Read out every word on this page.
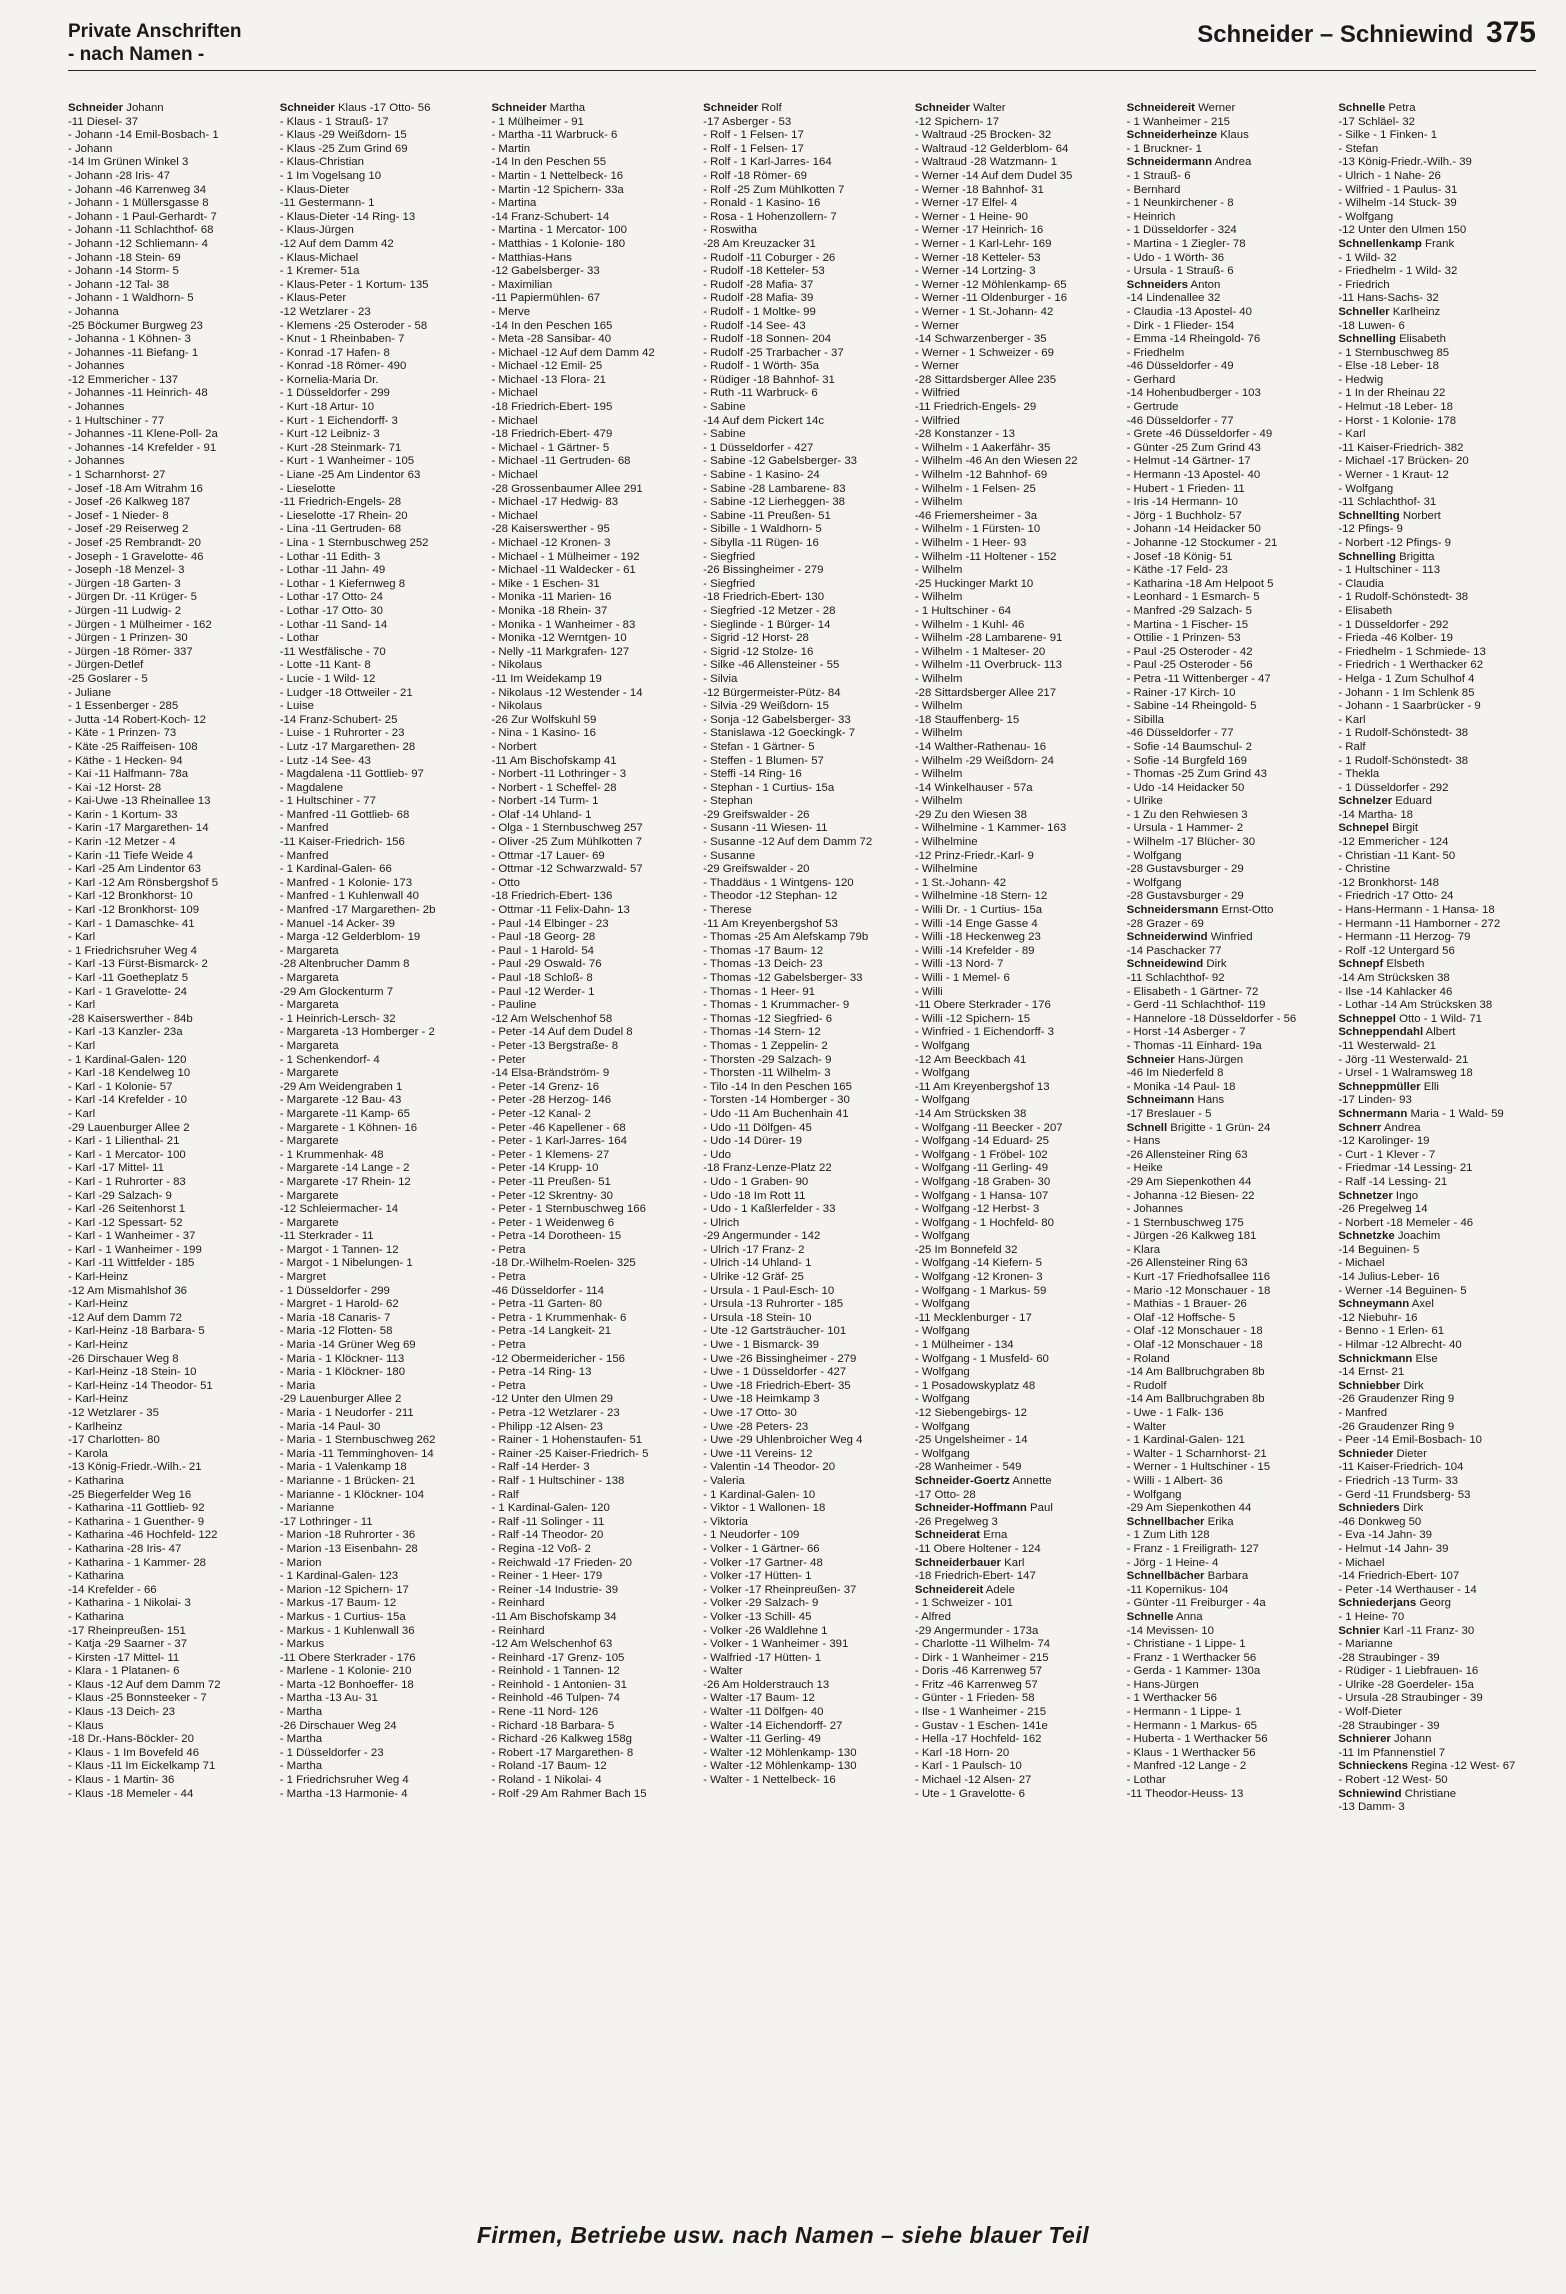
Private Anschriften
- nach Namen -
Schneider – Schniewind 375
Schneider Johann
-11 Diesel- 37
- Johann -14 Emil-Bosbach- 1
- Johann
-14 Im Grünen Winkel 3
- Johann -28 Iris- 47
- Johann -46 Karrenweg 34
- Johann - 1 Müllersgasse 8
- Johann - 1 Paul-Gerhardt- 7
- Johann -11 Schlachthof- 68
- Johann -12 Schliemann- 4
- Johann -18 Stein- 69
- Johann -14 Storm- 5
- Johann -12 Tal- 38
- Johann - 1 Waldhorn- 5
- Johanna
-25 Böckumer Burgweg 23
- Johanna - 1 Köhnen- 3
- Johannes -11 Biefang- 1
- Johannes
-12 Emmericher - 137
- Johannes -11 Heinrich- 48
- Johannes
- 1 Hultschiner - 77
- Johannes -11 Klene-Poll- 2a
- Johannes -14 Krefelder - 91
- Johannes
- 1 Scharnhorst- 27
- Josef -18 Am Witrahm 16
- Josef -26 Kalkweg 187
- Josef - 1 Nieder- 8
- Josef -29 Reiserweg 2
- Josef -25 Rembrandt- 20
- Joseph - 1 Gravelotte- 46
- Joseph -18 Menzel- 3
- Jürgen -18 Garten- 3
- Jürgen Dr. -11 Krüger- 5
- Jürgen -11 Ludwig- 2
- Jürgen - 1 Mülheimer - 162
- Jürgen - 1 Prinzen- 30
- Jürgen -18 Römer- 337
- Jürgen-Detlef
-25 Goslarer - 5
- Juliane
- 1 Essenberger - 285
- Jutta -14 Robert-Koch- 12
- Käte - 1 Prinzen- 73
- Käte -25 Raiffeisen- 108
- Käthe - 1 Hecken- 94
- Kai -11 Halfmann- 78a
- Kai -12 Horst- 28
- Kai-Uwe -13 Rheinallee 13
- Karin - 1 Kortum- 33
- Karin -17 Margarethen- 14
- Karin -12 Metzer - 4
- Karin -11 Tiefe Weide 4
- Karl -25 Am Lindentor 63
- Karl -12 Am Rönsbergshof 5
- Karl -12 Bronkhorst- 10
- Karl -12 Bronkhorst- 109
- Karl - 1 Damaschke- 41
- Karl
- 1 Friedrichsruher Weg 4
- Karl -13 Fürst-Bismarck- 2
- Karl -11 Goetheplatz 5
- Karl - 1 Gravelotte- 24
- Karl
-28 Kaiserswerther - 84b
- Karl -13 Kanzler- 23a
- Karl
- 1 Kardinal-Galen- 120
- Karl -18 Kendelweg 10
- Karl - 1 Kolonie- 57
- Karl -14 Krefelder - 10
- Karl
-29 Lauenburger Allee 2
- Karl - 1 Lilienthal- 21
- Karl - 1 Mercator- 100
- Karl -17 Mittel- 11
- Karl - 1 Ruhrorter - 83
- Karl -29 Salzach- 9
- Karl -26 Seitenhorst 1
- Karl -12 Spessart- 52
- Karl - 1 Wanheimer - 37
- Karl - 1 Wanheimer - 199
- Karl -11 Wittfelder - 185
- Karl-Heinz
-12 Am Mismahlshof 36
- Karl-Heinz
-12 Auf dem Damm 72
- Karl-Heinz -18 Barbara- 5
- Karl-Heinz
-26 Dirschauer Weg 8
- Karl-Heinz -18 Stein- 10
- Karl-Heinz -14 Theodor- 51
- Karl-Heinz
-12 Wetzlarer - 35
- Karlheinz
-17 Charlotten- 80
- Karola
-13 König-Friedr.-Wilh.- 21
- Katharina
-25 Biegerfelder Weg 16
- Katharina -11 Gottlieb- 92
- Katharina - 1 Guenther- 9
- Katharina -46 Hochfeld- 122
- Katharina -28 Iris- 47
- Katharina - 1 Kammer- 28
- Katharina
-14 Krefelder - 66
- Katharina - 1 Nikolai- 3
- Katharina
-17 Rheinpreußen- 151
- Katja -29 Saarner - 37
- Kirsten -17 Mittel- 11
- Klara - 1 Platanen- 6
- Klaus -12 Auf dem Damm 72
- Klaus -25 Bonnsteeker - 7
- Klaus -13 Deich- 23
- Klaus
-18 Dr.-Hans-Böckler- 20
- Klaus - 1 Im Bovefeld 46
- Klaus -11 Im Eickelkamp 71
- Klaus - 1 Martin- 36
- Klaus -18 Memeler - 44
Schneider Klaus -17 Otto- 56
- Klaus - 1 Strauß- 17
- Klaus -29 Weißdorn- 15
- Klaus -25 Zum Grind 69
- Klaus-Christian
- 1 Im Vogelsang 10
- Klaus-Dieter
-11 Gestermann- 1
- Klaus-Dieter -14 Ring- 13
- Klaus-Jürgen
-12 Auf dem Damm 42
- Klaus-Michael
- 1 Kremer- 51a
- Klaus-Peter - 1 Kortum- 135
- Klaus-Peter
-12 Wetzlarer - 23
- Klemens -25 Osteroder - 58
- Knut - 1 Rheinbaben- 7
- Konrad -17 Hafen- 8
- Konrad -18 Römer- 490
- Kornelia-Maria Dr.
- 1 Düsseldorfer - 299
- Kurt -18 Artur- 10
- Kurt - 1 Eichendorff- 3
- Kurt -12 Leibniz- 3
- Kurt -28 Steinmark- 71
- Kurt - 1 Wanheimer - 105
- Liane -25 Am Lindentor 63
- Lieselotte
-11 Friedrich-Engels- 28
- Lieselotte -17 Rhein- 20
- Lina -11 Gertruden- 68
- Lina - 1 Sternbuschweg 252
- Lothar -11 Edith- 3
- Lothar -11 Jahn- 49
- Lothar - 1 Kiefernweg 8
- Lothar -17 Otto- 24
- Lothar -17 Otto- 30
- Lothar -11 Sand- 14
- Lothar
-11 Westfälische - 70
- Lotte -11 Kant- 8
- Lucie - 1 Wild- 12
- Ludger -18 Ottweiler - 21
- Luise
-14 Franz-Schubert- 25
- Luise - 1 Ruhrorter - 23
- Lutz -17 Margarethen- 28
- Lutz -14 See- 43
- Magdalena -11 Gottlieb- 97
- Magdalene
- 1 Hultschiner - 77
- Manfred -11 Gottlieb- 68
- Manfred
-11 Kaiser-Friedrich- 156
- Manfred
- 1 Kardinal-Galen- 66
- Manfred - 1 Kolonie- 173
- Manfred - 1 Kuhlenwall 40
- Manfred -17 Margarethen- 2b
- Manuel -14 Acker- 39
- Marga -12 Gelderblom- 19
- Margareta
-28 Altenbrucher Damm 8
- Margareta
-29 Am Glockenturm 7
- Margareta
- 1 Heinrich-Lersch- 32
- Margareta -13 Homberger - 2
- Margareta
- 1 Schenkendorf- 4
- Margarete
-29 Am Weidengraben 1
- Margarete -12 Bau- 43
- Margarete -11 Kamp- 65
- Margarete - 1 Köhnen- 16
- Margarete
- 1 Krummenhak- 48
- Margarete -14 Lange - 2
- Margarete -17 Rhein- 12
- Margarete
-12 Schleiermacher- 14
- Margarete
-11 Sterkrader - 11
- Margot - 1 Tannen- 12
- Margot - 1 Nibelungen- 1
- Margret
- 1 Düsseldorfer - 299
- Margret - 1 Harold- 62
- Maria -18 Canaris- 7
- Maria -12 Flotten- 58
- Maria -14 Grüner Weg 69
- Maria - 1 Klöckner- 113
- Maria - 1 Klöckner- 180
- Maria
-29 Lauenburger Allee 2
- Maria - 1 Neudorfer - 211
- Maria -14 Paul- 30
- Maria - 1 Sternbuschweg 262
- Maria -11 Temminghoven- 14
- Maria - 1 Valenkamp 18
- Marianne - 1 Brücken- 21
- Marianne - 1 Klöckner- 104
- Marianne
-17 Lothringer - 11
- Marion -18 Ruhrorter - 36
- Marion -13 Eisenbahn- 28
- Marion
- 1 Kardinal-Galen- 123
- Marion -12 Spichern- 17
- Markus -17 Baum- 12
- Markus - 1 Curtius- 15a
- Markus - 1 Kuhlenwall 36
- Markus
-11 Obere Sterkrader - 176
- Marlene - 1 Kolonie- 210
- Marta -12 Bonhoeffer- 18
- Martha -13 Au- 31
- Martha
-26 Dirschauer Weg 24
- Martha
- 1 Düsseldorfer - 23
- Martha
- 1 Friedrichsruher Weg 4
- Martha -13 Harmonie- 4
Schneider Martha
- 1 Mülheimer - 91
- Martha -11 Warbruck- 6
- Martin
-14 In den Peschen 55
- Martin - 1 Nettelbeck- 16
- Martin -12 Spichern- 33a
- Martina
-14 Franz-Schubert- 14
- Martina - 1 Mercator- 100
- Matthias - 1 Kolonie- 180
- Matthias-Hans
-12 Gabelsberger- 33
- Maximilian
-11 Papiermühlen- 67
- Merve
-14 In den Peschen 165
- Meta -28 Sansibar- 40
- Michael -12 Auf dem Damm 42
- Michael -12 Emil- 25
- Michael -13 Flora- 21
- Michael
-18 Friedrich-Ebert- 195
- Michael
-18 Friedrich-Ebert- 479
- Michael - 1 Gärtner- 5
- Michael -11 Gertruden- 68
- Michael
-28 Grossenbaumer Allee 291
- Michael -17 Hedwig- 83
- Michael
-28 Kaiserswerther - 95
- Michael -12 Kronen- 3
- Michael - 1 Mülheimer - 192
- Michael -11 Waldecker - 61
- Mike - 1 Eschen- 31
- Monika -11 Marien- 16
- Monika -18 Rhein- 37
- Monika - 1 Wanheimer - 83
- Monika -12 Werntgen- 10
- Nelly -11 Markgrafen- 127
- Nikolaus
-11 Im Weidekamp 19
- Nikolaus -12 Westender - 14
- Nikolaus
-26 Zur Wolfskuhl 59
- Nina - 1 Kasino- 16
- Norbert
-11 Am Bischofskamp 41
- Norbert -11 Lothringer - 3
- Norbert - 1 Scheffel- 28
- Norbert -14 Turm- 1
- Olaf -14 Uhland- 1
- Olga - 1 Sternbuschweg 257
- Oliver -25 Zum Mühlkotten 7
- Ottmar -17 Lauer- 69
- Ottmar -12 Schwarzwald- 57
- Otto
-18 Friedrich-Ebert- 136
- Ottmar -11 Felix-Dahn- 13
- Paul -14 Elbinger - 23
- Paul -18 Georg- 28
- Paul - 1 Harold- 54
- Paul -29 Oswald- 76
- Paul -18 Schloß- 8
- Paul -12 Werder- 1
- Pauline
-12 Am Welschenhof 58
- Peter -14 Auf dem Dudel 8
- Peter -13 Bergstraße- 8
- Peter
-14 Elsa-Brändström- 9
- Peter -14 Grenz- 16
- Peter -28 Herzog- 146
- Peter -12 Kanal- 2
- Peter -46 Kapellener - 68
- Peter - 1 Karl-Jarres- 164
- Peter - 1 Klemens- 27
- Peter -14 Krupp- 10
- Peter -11 Preußen- 51
- Peter -12 Skrentny- 30
- Peter - 1 Sternbuschweg 166
- Peter - 1 Weidenweg 6
- Petra -14 Dorotheen- 15
- Petra
-18 Dr.-Wilhelm-Roelen- 325
- Petra
-46 Düsseldorfer - 114
- Petra -11 Garten- 80
- Petra - 1 Krummenhak- 6
- Petra -14 Langkeit- 21
- Petra
-12 Obermeidericher - 156
- Petra -14 Ring- 13
- Petra
-12 Unter den Ulmen 29
- Petra -12 Wetzlarer - 23
- Philipp -12 Alsen- 23
- Rainer - 1 Hohenstaufen- 51
- Rainer -25 Kaiser-Friedrich- 5
- Ralf -14 Herder- 3
- Ralf - 1 Hultschiner - 138
- Ralf
- 1 Kardinal-Galen- 120
- Ralf -11 Solinger - 11
- Ralf -14 Theodor- 20
- Regina -12 Voß- 2
- Reichwald -17 Frieden- 20
- Reiner - 1 Heer- 179
- Reiner -14 Industrie- 39
- Reinhard
-11 Am Bischofskamp 34
- Reinhard
-12 Am Welschenhof 63
- Reinhard -17 Grenz- 105
- Reinhold - 1 Tannen- 12
- Reinhold - 1 Antonien- 31
- Reinhold -46 Tulpen- 74
- Rene -11 Nord- 126
- Richard -18 Barbara- 5
- Richard -26 Kalkweg 158g
- Robert -17 Margarethen- 8
- Roland -17 Baum- 12
- Roland - 1 Nikolai- 4
- Rolf -29 Am Rahmer Bach 15
Schneider Rolf
-17 Asberger - 53
- Rolf - 1 Felsen- 17
- Rolf - 1 Felsen- 17
- Rolf - 1 Karl-Jarres- 164
- Rolf -18 Römer- 69
- Rolf -25 Zum Mühlkotten 7
- Ronald - 1 Kasino- 16
- Rosa - 1 Hohenzollern- 7
- Roswitha
-28 Am Kreuzacker 31
- Rudolf -11 Coburger - 26
- Rudolf -18 Ketteler- 53
- Rudolf -28 Mafia- 37
- Rudolf -28 Mafia- 39
- Rudolf - 1 Moltke- 99
- Rudolf -14 See- 43
- Rudolf -18 Sonnen- 204
- Rudolf -25 Trarbacher - 37
- Rudolf - 1 Wörth- 35a
- Rüdiger -18 Bahnhof- 31
- Ruth -11 Warbruck- 6
- Sabine
-14 Auf dem Pickert 14c
- Sabine
- 1 Düsseldorfer - 427
- Sabine -12 Gabelsberger- 33
- Sabine - 1 Kasino- 24
- Sabine -28 Lambarene- 83
- Sabine -12 Lierheggen- 38
- Sabine -11 Preußen- 51
- Sibille - 1 Waldhorn- 5
- Sibylla -11 Rügen- 16
- Siegfried
-26 Bissingheimer - 279
- Siegfried
-18 Friedrich-Ebert- 130
- Siegfried -12 Metzer - 28
- Sieglinde - 1 Bürger- 14
- Sigrid -12 Horst- 28
- Sigrid -12 Stolze- 16
- Silke -46 Allensteiner - 55
- Silvia
-12 Bürgermeister-Pütz- 84
- Silvia -29 Weißdorn- 15
- Sonja -12 Gabelsberger- 33
- Stanislawa -12 Goeckingk- 7
- Stefan - 1 Gärtner- 5
- Steffen - 1 Blumen- 57
- Steffi -14 Ring- 16
- Stephan - 1 Curtius- 15a
- Stephan
-29 Greifswalder - 26
- Susann -11 Wiesen- 11
- Susanne -12 Auf dem Damm 72
- Susanne
-29 Greifswalder - 20
- Thaddäus - 1 Wintgens- 120
- Theodor -12 Stephan- 12
- Therese
-11 Am Kreyenbergshof 53
- Thomas -25 Am Alefskamp 79b
- Thomas -17 Baum- 12
- Thomas -13 Deich- 23
- Thomas -12 Gabelsberger- 33
- Thomas - 1 Heer- 91
- Thomas - 1 Krummacher- 9
- Thomas -12 Siegfried- 6
- Thomas -14 Stern- 12
- Thomas - 1 Zeppelin- 2
- Thorsten -29 Salzach- 9
- Thorsten -11 Wilhelm- 3
- Tilo -14 In den Peschen 165
- Torsten -14 Homberger - 30
- Udo -11 Am Buchenhain 41
- Udo -11 Dölfgen- 45
- Udo -14 Dürer- 19
- Udo
-18 Franz-Lenze-Platz 22
- Udo - 1 Graben- 90
- Udo -18 Im Rott 11
- Udo - 1 Kaßlerfelder - 33
- Ulrich
-29 Angermunder - 142
- Ulrich -17 Franz- 2
- Ulrich -14 Uhland- 1
- Ulrike -12 Gräf- 25
- Ursula - 1 Paul-Esch- 10
- Ursula -13 Ruhrorter - 185
- Ursula -18 Stein- 10
- Ute -12 Gartsträucher- 101
- Uwe - 1 Bismarck- 39
- Uwe -26 Bissingheimer - 279
- Uwe - 1 Düsseldorfer - 427
- Uwe -18 Friedrich-Ebert- 35
- Uwe -18 Heimkamp 3
- Uwe -17 Otto- 30
- Uwe -28 Peters- 23
- Uwe -29 Uhlenbroicher Weg 4
- Uwe -11 Vereins- 12
- Valentin -14 Theodor- 20
- Valeria
- 1 Kardinal-Galen- 10
- Viktor - 1 Wallonen- 18
- Viktoria
- 1 Neudorfer - 109
- Volker - 1 Gärtner- 66
- Volker -17 Gartner- 48
- Volker -17 Hütten- 1
- Volker -17 Rheinpreußen- 37
- Volker -29 Salzach- 9
- Volker -13 Schill- 45
- Volker -26 Waldlehne 1
- Volker - 1 Wanheimer - 391
- Walfried -17 Hütten- 1
- Walter
-26 Am Holderstrauch 13
- Walter -17 Baum- 12
- Walter -11 Dölfgen- 40
- Walter -14 Eichendorff- 27
- Walter -11 Gerling- 49
- Walter -12 Möhlenkamp- 130
- Walter -12 Möhlenkamp- 130
- Walter - 1 Nettelbeck- 16
Schneider Walter
-12 Spichern- 17
- Waltraud -25 Brocken- 32
- Waltraud -12 Gelderblom- 64
- Waltraud -28 Watzmann- 1
- Werner -14 Auf dem Dudel 35
- Werner -18 Bahnhof- 31
- Werner -17 Elfel- 4
- Werner - 1 Heine- 90
- Werner -17 Heinrich- 16
- Werner - 1 Karl-Lehr- 169
- Werner -18 Ketteler- 53
- Werner -14 Lortzing- 3
- Werner -12 Möhlenkamp- 65
- Werner -11 Oldenburger - 16
- Werner - 1 St.-Johann- 42
- Werner
-14 Schwarzenberger - 35
- Werner - 1 Schweizer - 69
- Werner
-28 Sittardsberger Allee 235
- Wilfried
-11 Friedrich-Engels- 29
- Wilfried
-28 Konstanzer - 13
- Wilhelm - 1 Aakerfähr- 35
- Wilhelm -46 An den Wiesen 22
- Wilhelm -12 Bahnhof- 69
- Wilhelm - 1 Felsen- 25
- Wilhelm
-46 Friemersheimer - 3a
- Wilhelm - 1 Fürsten- 10
- Wilhelm - 1 Heer- 93
- Wilhelm -11 Holtener - 152
- Wilhelm
-25 Huckinger Markt 10
- Wilhelm
- 1 Hultschiner - 64
- Wilhelm - 1 Kuhl- 46
- Wilhelm -28 Lambarene- 91
- Wilhelm - 1 Malteser- 20
- Wilhelm -11 Overbruck- 113
- Wilhelm
-28 Sittardsberger Allee 217
- Wilhelm
-18 Stauffenberg- 15
- Wilhelm
-14 Walther-Rathenau- 16
- Wilhelm -29 Weißdorn- 24
- Wilhelm
-14 Winkelhauser - 57a
- Wilhelm
-29 Zu den Wiesen 38
- Wilhelmine - 1 Kammer- 163
- Wilhelmine
-12 Prinz-Friedr.-Karl- 9
- Wilhelmine
- 1 St.-Johann- 42
- Wilhelmine -18 Stern- 12
- Willi Dr. - 1 Curtius- 15a
- Willi -14 Enge Gasse 4
- Willi -18 Heckenweg 23
- Willi -14 Krefelder - 89
- Willi -13 Nord- 7
- Willi - 1 Memel- 6
- Willi
-11 Obere Sterkrader - 176
- Willi -12 Spichern- 15
- Winfried - 1 Eichendorff- 3
- Wolfgang
-12 Am Beeckbach 41
- Wolfgang
-11 Am Kreyenbergshof 13
- Wolfgang
-14 Am Strücksken 38
- Wolfgang -11 Beecker - 207
- Wolfgang -14 Eduard- 25
- Wolfgang - 1 Fröbel- 102
- Wolfgang -11 Gerling- 49
- Wolfgang -18 Graben- 30
- Wolfgang - 1 Hansa- 107
- Wolfgang -12 Herbst- 3
- Wolfgang - 1 Hochfeld- 80
- Wolfgang
-25 Im Bonnefeld 32
- Wolfgang -14 Kiefern- 5
- Wolfgang -12 Kronen- 3
- Wolfgang - 1 Markus- 59
- Wolfgang
-11 Mecklenburger - 17
- Wolfgang
- 1 Mülheimer - 134
- Wolfgang - 1 Musfeld- 60
- Wolfgang
- 1 Posadowskyplatz 48
- Wolfgang
-12 Siebengebirgs- 12
- Wolfgang
-25 Ungelsheimer - 14
- Wolfgang
-28 Wanheimer - 549
Schneider-Goertz Annette
-17 Otto- 28
Schneider-Hoffmann Paul
-26 Pregelweg 3
Schneiderat Erna
-11 Obere Holtener - 124
Schneiderbauer Karl
-18 Friedrich-Ebert- 147
Schneidereit Adele
- 1 Schweizer - 101
- Alfred
-29 Angermunder - 173a
- Charlotte -11 Wilhelm- 74
- Dirk - 1 Wanheimer - 215
- Doris -46 Karrenweg 57
- Fritz -46 Karrenweg 57
- Günter - 1 Frieden- 58
- Ilse - 1 Wanheimer - 215
- Gustav - 1 Eschen- 141e
- Hella -17 Hochfeld- 162
- Karl -18 Horn- 20
- Karl - 1 Paulsch- 10
- Michael -12 Alsen- 27
- Ute - 1 Gravelotte- 6
Schneidereit Werner
- 1 Wanheimer - 215
Schneiderheinze Klaus
- 1 Bruckner- 1
Schneidermann Andrea
- 1 Strauß- 6
- Bernhard
- 1 Neunkirchener - 8
- Heinrich
- 1 Düsseldorfer - 324
- Martina - 1 Ziegler- 78
- Udo - 1 Wörth- 36
- Ursula - 1 Strauß- 6
Schneiders Anton
-14 Lindenallee 32
- Claudia -13 Apostel- 40
- Dirk - 1 Flieder- 154
- Emma -14 Rheingold- 76
- Friedhelm
-46 Düsseldorfer - 49
- Gerhard
-14 Hohenbudberger - 103
- Gertrude
-46 Düsseldorfer - 77
- Grete -46 Düsseldorfer - 49
- Günter -25 Zum Grind 43
- Helmut -14 Gärtner- 17
- Hermann -13 Apostel- 40
- Hubert - 1 Frieden- 11
- Iris -14 Hermann- 10
- Jörg - 1 Buchholz- 57
- Johann -14 Heidacker 50
- Johanne -12 Stockumer - 21
- Josef -18 König- 51
- Käthe -17 Feld- 23
- Katharina -18 Am Helpoot 5
- Leonhard - 1 Esmarch- 5
- Manfred -29 Salzach- 5
- Martina - 1 Fischer- 15
- Ottilie - 1 Prinzen- 53
- Paul -25 Osteroder - 42
- Paul -25 Osteroder - 56
- Petra -11 Wittenberger - 47
- Rainer -17 Kirch- 10
- Sabine -14 Rheingold- 5
- Sibilla
-46 Düsseldorfer - 77
- Sofie -14 Baumschul- 2
- Sofie -14 Burgfeld 169
- Thomas -25 Zum Grind 43
- Udo -14 Heidacker 50
- Ulrike
- 1 Zu den Rehwiesen 3
- Ursula - 1 Hammer- 2
- Wilhelm -17 Blücher- 30
- Wolfgang
-28 Gustavsburger - 29
- Wolfgang
-28 Gustavsburger - 29
Schneidersmann Ernst-Otto
-28 Grazer - 69
Schneiderwind Winfried
-14 Paschacker 77
Schneidewind Dirk
-11 Schlachthof- 92
- Elisabeth - 1 Gärtner- 72
- Gerd -11 Schlachthof- 119
- Hannelore -18 Düsseldorfer - 56
- Horst -14 Asberger - 7
- Thomas -11 Einhard- 19a
Schneier Hans-Jürgen
-46 Im Niederfeld 8
- Monika -14 Paul- 18
Schneimann Hans
-17 Breslauer - 5
Schnell Brigitte - 1 Grün- 24
- Hans
-26 Allensteiner Ring 63
- Heike
-29 Am Siepenkothen 44
- Johanna -12 Biesen- 22
- Johannes
- 1 Sternbuschweg 175
- Jürgen -26 Kalkweg 181
- Klara
-26 Allensteiner Ring 63
- Kurt -17 Friedhofsallee 116
- Mario -12 Monschauer - 18
- Mathias - 1 Brauer- 26
- Olaf -12 Hoffsche- 5
- Olaf -12 Monschauer - 18
- Olaf -12 Monschauer - 18
- Roland
-14 Am Ballbruchgraben 8b
- Rudolf
-14 Am Ballbruchgraben 8b
- Uwe - 1 Falk- 136
- Walter
- 1 Kardinal-Galen- 121
- Walter - 1 Scharnhorst- 21
- Werner - 1 Hultschiner - 15
- Willi - 1 Albert- 36
- Wolfgang
-29 Am Siepenkothen 44
Schnellbacher Erika
- 1 Zum Lith 128
- Franz - 1 Freiligrath- 127
- Jörg - 1 Heine- 4
Schnellbächer Barbara
-11 Kopernikus- 104
- Günter -11 Freiburger - 4a
Schnelle Anna
-14 Mevissen- 10
- Christiane - 1 Lippe- 1
- Franz - 1 Werthacker 56
- Gerda - 1 Kammer- 130a
- Hans-Jürgen
- 1 Werthacker 56
- Hermann - 1 Lippe- 1
- Hermann - 1 Markus- 65
- Huberta - 1 Werthacker 56
- Klaus - 1 Werthacker 56
- Manfred -12 Lange - 2
- Lothar
-11 Theodor-Heuss- 13
Schnelle Petra
-17 Schläel- 32
- Silke - 1 Finken- 1
- Stefan
-13 König-Friedr.-Wilh.- 39
- Ulrich - 1 Nahe- 26
- Wilfried - 1 Paulus- 31
- Wilhelm -14 Stuck- 39
- Wolfgang
-12 Unter den Ulmen 150
Schnellenkamp Frank
- 1 Wild- 32
- Friedhelm - 1 Wild- 32
- Friedrich
-11 Hans-Sachs- 32
Schneller Karlheinz
-18 Luwen- 6
Schnelling Elisabeth
- 1 Sternbuschweg 85
- Else -18 Leber- 18
- Hedwig
- 1 In der Rheinau 22
- Helmut -18 Leber- 18
- Horst - 1 Kolonie- 178
- Karl
-11 Kaiser-Friedrich- 382
- Michael -17 Brücken- 20
- Werner - 1 Kraut- 12
- Wolfgang
-11 Schlachthof- 31
Schnellting Norbert
-12 Pfings- 9
- Norbert -12 Pfings- 9
Schnelling Brigitta
- 1 Hultschiner - 113
- Claudia
- 1 Rudolf-Schönstedt- 38
- Elisabeth
- 1 Düsseldorfer - 292
- Frieda -46 Kolber- 19
- Friedhelm - 1 Schmiede- 13
- Friedrich - 1 Werthacker 62
- Helga - 1 Zum Schulhof 4
- Johann - 1 Im Schlenk 85
- Johann - 1 Saarbrücker - 9
- Karl
- 1 Rudolf-Schönstedt- 38
- Ralf
- 1 Rudolf-Schönstedt- 38
- Thekla
- 1 Düsseldorfer - 292
Schnelzer Eduard
-14 Martha- 18
Schnepel Birgit
-12 Emmericher - 124
- Christian -11 Kant- 50
- Christine
-12 Bronkhorst- 148
- Friedrich -17 Otto- 24
- Hans-Hermann - 1 Hansa- 18
- Hermann -11 Hamborner - 272
- Hermann -11 Herzog- 79
- Rolf -12 Untergard 56
Schnepf Elsbeth
-14 Am Strücksken 38
- Ilse -14 Kahlacker 46
- Lothar -14 Am Strücksken 38
Schneppel Otto - 1 Wild- 71
Schneppendahl Albert
-11 Westerwald- 21
- Jörg -11 Westerwald- 21
- Ursel - 1 Walramsweg 18
Schneppmüller Elli
-17 Linden- 93
Schnermann Maria - 1 Wald- 59
Schnerr Andrea
-12 Karolinger- 19
- Curt - 1 Klever - 7
- Friedmar -14 Lessing- 21
- Ralf -14 Lessing- 21
Schnetzer Ingo
-26 Pregelweg 14
- Norbert -18 Memeler - 46
Schnetzke Joachim
-14 Beguinen- 5
- Michael
-14 Julius-Leber- 16
- Werner -14 Beguinen- 5
Schneymann Axel
-12 Niebuhr- 16
- Benno - 1 Erlen- 61
- Hilmar -12 Albrecht- 40
Schnickmann Else
-14 Ernst- 21
Schniebber Dirk
-26 Graudenzer Ring 9
- Manfred
-26 Graudenzer Ring 9
- Peer -14 Emil-Bosbach- 10
Schnieder Dieter
-11 Kaiser-Friedrich- 104
- Friedrich -13 Turm- 33
- Gerd -11 Frundsberg- 53
Schnieders Dirk
-46 Donkweg 50
- Eva -14 Jahn- 39
- Helmut -14 Jahn- 39
- Michael
-14 Friedrich-Ebert- 107
- Peter -14 Werthauser - 14
Schniederjans Georg
- 1 Heine- 70
Schnier Karl -11 Franz- 30
- Marianne
-28 Straubinger - 39
- Rüdiger - 1 Liebfrauen- 16
- Ulrike -28 Goerdeler- 15a
- Ursula -28 Straubinger - 39
- Wolf-Dieter
-28 Straubinger - 39
Schnierer Johann
-11 Im Pfannenstiel 7
Schnieckens Regina -12 West- 67
- Robert -12 West- 50
Schniewind Christiane
-13 Damm- 3
Firmen, Betriebe usw. nach Namen – siehe blauer Teil
